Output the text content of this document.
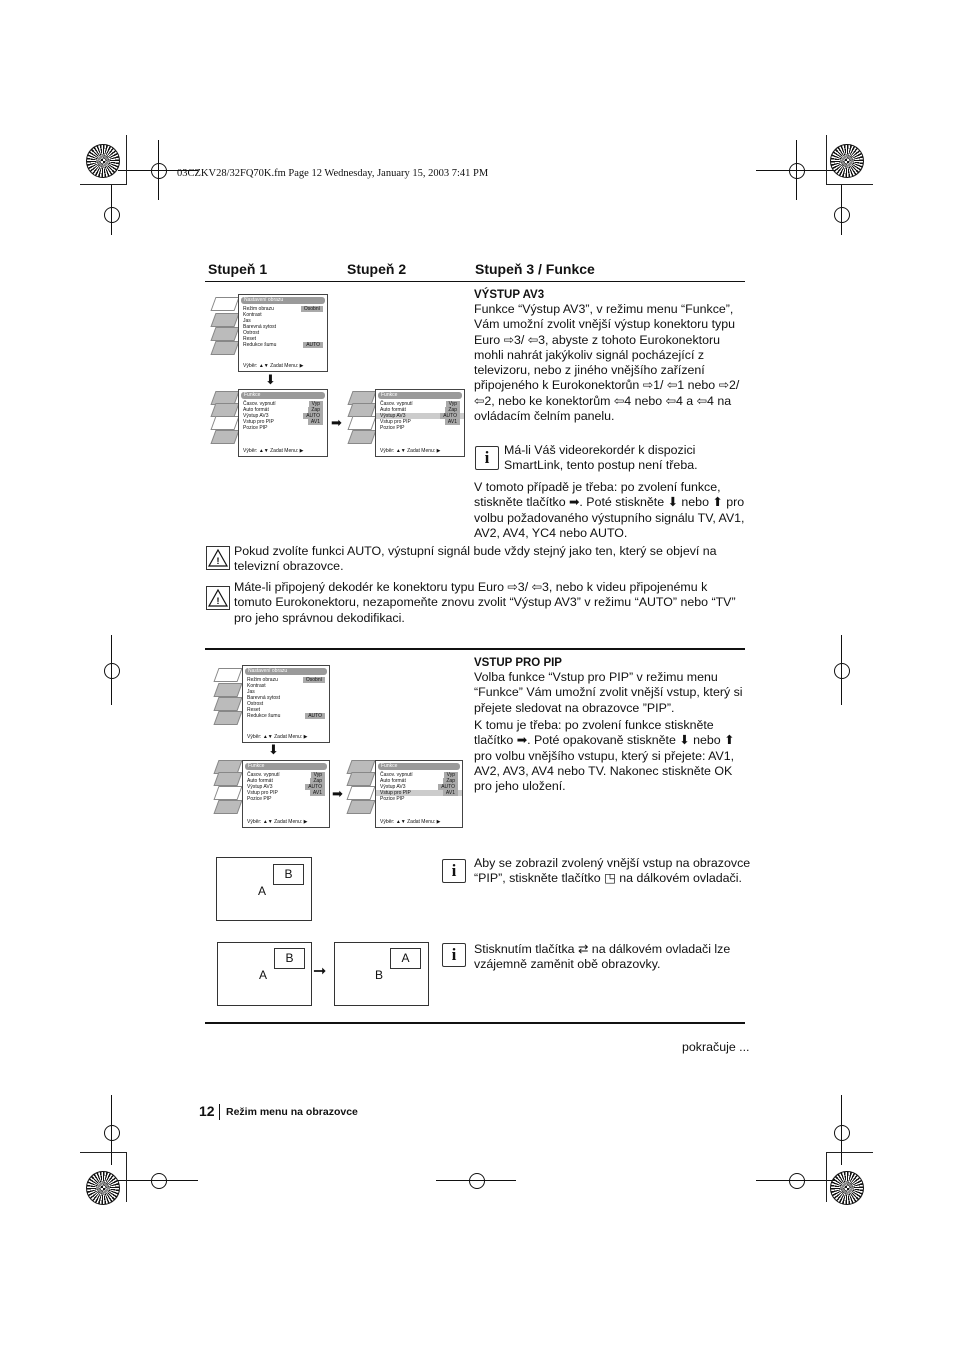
03CZKV28/32FQ70K.fm Page 12 Wednesday, January 15, 2003 7:41 PM
Stupeň 1	Stupeň 2	Stupeň 3 / Funkce
Nastavení obrazu
Režim obrazu	Osobní
Kontrast
Jas
Barevná sytost
Ostrost
Reset
Redukce šumu	AUTO
Výběr: ▲▼ Zadat Menu: ▶
⬇
Funkce
Časov. vypnutí	Vyp
Auto formát	Zap
Výstup AV3	AUTO
Vstup pro PIP	AV1
Pozice PIP
Výběr: ▲▼ Zadat Menu: ▶
➡
Funkce
Časov. vypnutí	Vyp
Auto formát	Zap
Výstup AV3	AUTO
Vstup pro PIP	AV1
Pozice PIP
Výběr: ▲▼ Zadat Menu: ▶
VÝSTUP AV3
Funkce “Výstup AV3”, v režimu menu “Funkce”, Vám umožní zvolit vnější výstup konektoru typu Euro ⇨3/ ⇦3, abyste z tohoto Eurokonektoru mohli nahrát jakýkoliv signál pocházející z televizoru, nebo z jiného vnějšího zařízení připojeného k Eurokonektorůn ⇨1/ ⇦1 nebo ⇨2/ ⇦2, nebo ke konektorům ⇦4 nebo ⇦4 a ⇦4 na ovládacím čelním panelu.
i	Má-li Váš videorekordér k dispozici SmartLink, tento postup není třeba.
V tomoto případě je třeba: po zvolení funkce, stiskněte tlačítko ➡. Poté stiskněte ⬇ nebo ⬆ pro volbu požadovaného výstupního signálu TV, AV1, AV2, AV4, YC4 nebo AUTO.
!
Pokud zvolíte funkci AUTO, výstupní signál bude vždy stejný jako ten, který se objeví na televizní obrazovce.
!
Máte-li připojený dekodér ke konektoru typu Euro ⇨3/ ⇦3, nebo k videu připojenému k tomuto Eurokonektoru, nezapomeňte znovu zvolit “Výstup AV3” v režimu “AUTO” nebo “TV” pro jeho správnou dekodifikaci.
Nastavení obrazu
Režim obrazu	Osobní
Kontrast
Jas
Barevná sytost
Ostrost
Reset
Redukce šumu	AUTO
Výběr: ▲▼ Zadat Menu: ▶
⬇
Funkce
Časov. vypnutí	Vyp
Auto formát	Zap
Výstup AV3	AUTO
Vstup pro PIP	AV1
Pozice PIP
Výběr: ▲▼ Zadat Menu: ▶
➡
Funkce
Časov. vypnutí	Vyp
Auto formát	Zap
Výstup AV3	AUTO
Vstup pro PIP	AV1
Pozice PIP
Výběr: ▲▼ Zadat Menu: ▶
VSTUP PRO PIP
Volba funkce “Vstup pro PIP” v režimu menu “Funkce” Vám umožní zvolit vnější vstup, který si přejete sledovat na obrazovce ”PIP”.
K tomu je třeba: po zvolení funkce stiskněte tlačítko ➡. Poté opakovaně stiskněte ⬇ nebo ⬆ pro volbu vnějšího vstupu, který si přejete: AV1, AV2, AV3, AV4 nebo TV. Nakonec stiskněte OK pro jeho uložení.
B
A
i	Aby se zobrazil zvolený vnější vstup na obrazovce “PIP”, stiskněte tlačítko ◳ na dálkovém ovladači.
B
A	➞
A
B
i	Stisknutím tlačítka ⇄ na dálkovém ovladači lze vzájemně zaměnit obě obrazovky.
pokračuje ...
12 Režim menu na obrazovce
